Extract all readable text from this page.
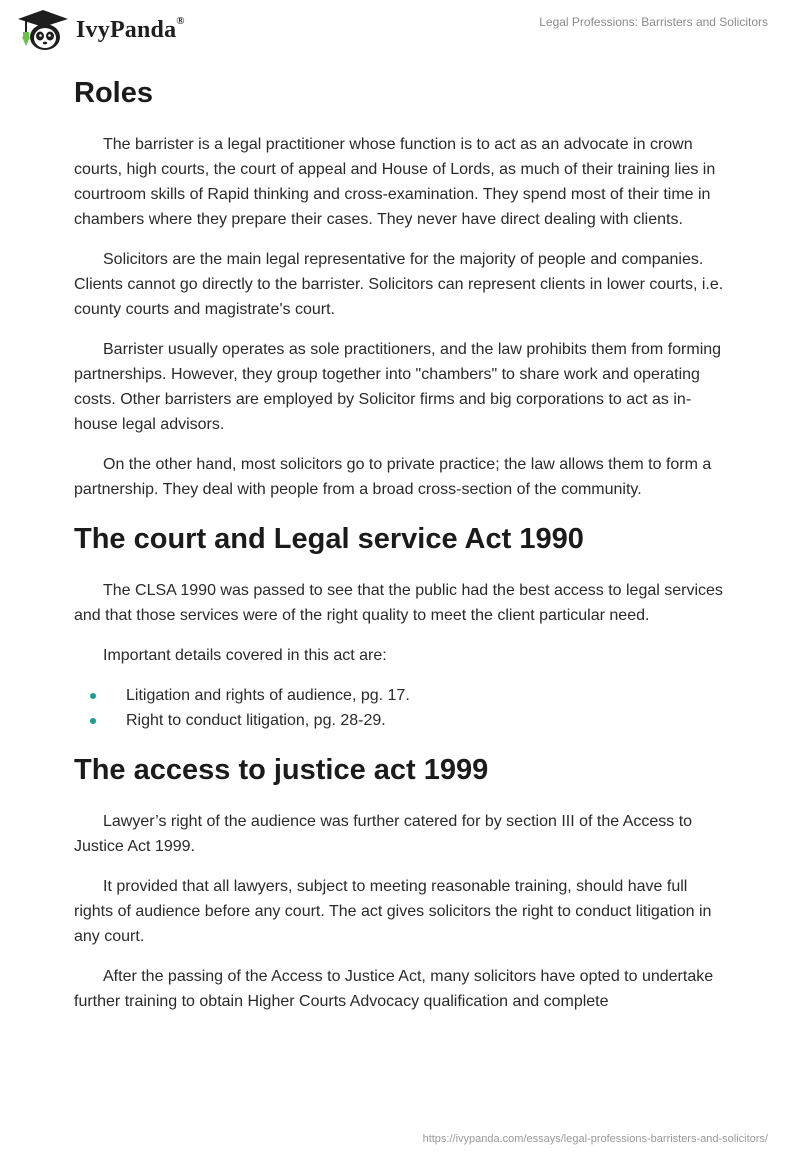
IvyPanda®	Legal Professions: Barristers and Solicitors
Roles

The barrister is a legal practitioner whose function is to act as an advocate in crown courts, high courts, the court of appeal and House of Lords, as much of their training lies in courtroom skills of Rapid thinking and cross-examination. They spend most of their time in chambers where they prepare their cases. They never have direct dealing with clients.

Solicitors are the main legal representative for the majority of people and companies. Clients cannot go directly to the barrister. Solicitors can represent clients in lower courts, i.e. county courts and magistrate's court.

Barrister usually operates as sole practitioners, and the law prohibits them from forming partnerships. However, they group together into "chambers" to share work and operating costs. Other barristers are employed by Solicitor firms and big corporations to act as in-house legal advisors.

On the other hand, most solicitors go to private practice; the law allows them to form a partnership. They deal with people from a broad cross-section of the community.

The court and Legal service Act 1990

The CLSA 1990 was passed to see that the public had the best access to legal services and that those services were of the right quality to meet the client particular need.

Important details covered in this act are:

Litigation and rights of audience, pg. 17.
Right to conduct litigation, pg. 28-29.
The access to justice act 1999

Lawyer’s right of the audience was further catered for by section III of the Access to Justice Act 1999.

It provided that all lawyers, subject to meeting reasonable training, should have full rights of audience before any court. The act gives solicitors the right to conduct litigation in any court.

After the passing of the Access to Justice Act, many solicitors have opted to undertake further training to obtain Higher Courts Advocacy qualification and complete

https://ivypanda.com/essays/legal-professions-barristers-and-solicitors/
